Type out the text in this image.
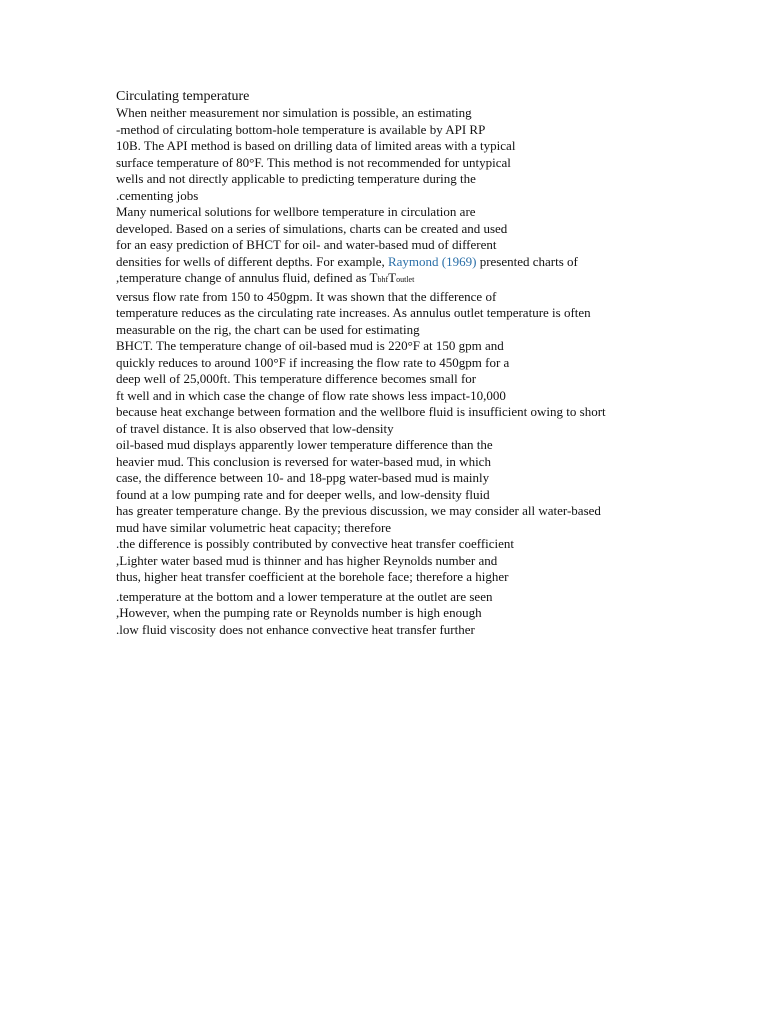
Circulating temperature

When neither measurement nor simulation is possible, an estimating

-method of circulating bottom-hole temperature is available by API RP

10B. The API method is based on drilling data of limited areas with a typical

surface temperature of 80°F. This method is not recommended for untypical

wells and not directly applicable to predicting temperature during the

.cementing jobs

Many numerical solutions for wellbore temperature in circulation are

developed. Based on a series of simulations, charts can be created and used

for an easy prediction of BHCT for oil- and water-based mud of different

densities for wells of different depths. For example, Raymond (1969) presented charts of

,temperature change of annulus fluid, defined as TbhfToutlet

versus flow rate from 150 to 450gpm. It was shown that the difference of

temperature reduces as the circulating rate increases. As annulus outlet temperature is often

measurable on the rig, the chart can be used for estimating

BHCT. The temperature change of oil-based mud is 220°F at 150 gpm and

quickly reduces to around 100°F if increasing the flow rate to 450gpm for a

deep well of 25,000ft. This temperature difference becomes small for

ft well and in which case the change of flow rate shows less impact-10,000

because heat exchange between formation and the wellbore fluid is insufficient owing to short

of travel distance. It is also observed that low-density

oil-based mud displays apparently lower temperature difference than the

heavier mud. This conclusion is reversed for water-based mud, in which

case, the difference between 10- and 18-ppg water-based mud is mainly

found at a low pumping rate and for deeper wells, and low-density fluid

has greater temperature change. By the previous discussion, we may consider all water-based

mud have similar volumetric heat capacity; therefore

.the difference is possibly contributed by convective heat transfer coefficient

,Lighter water based mud is thinner and has higher Reynolds number and

thus, higher heat transfer coefficient at the borehole face; therefore a higher

.temperature at the bottom and a lower temperature at the outlet are seen

,However, when the pumping rate or Reynolds number is high enough

.low fluid viscosity does not enhance convective heat transfer further
